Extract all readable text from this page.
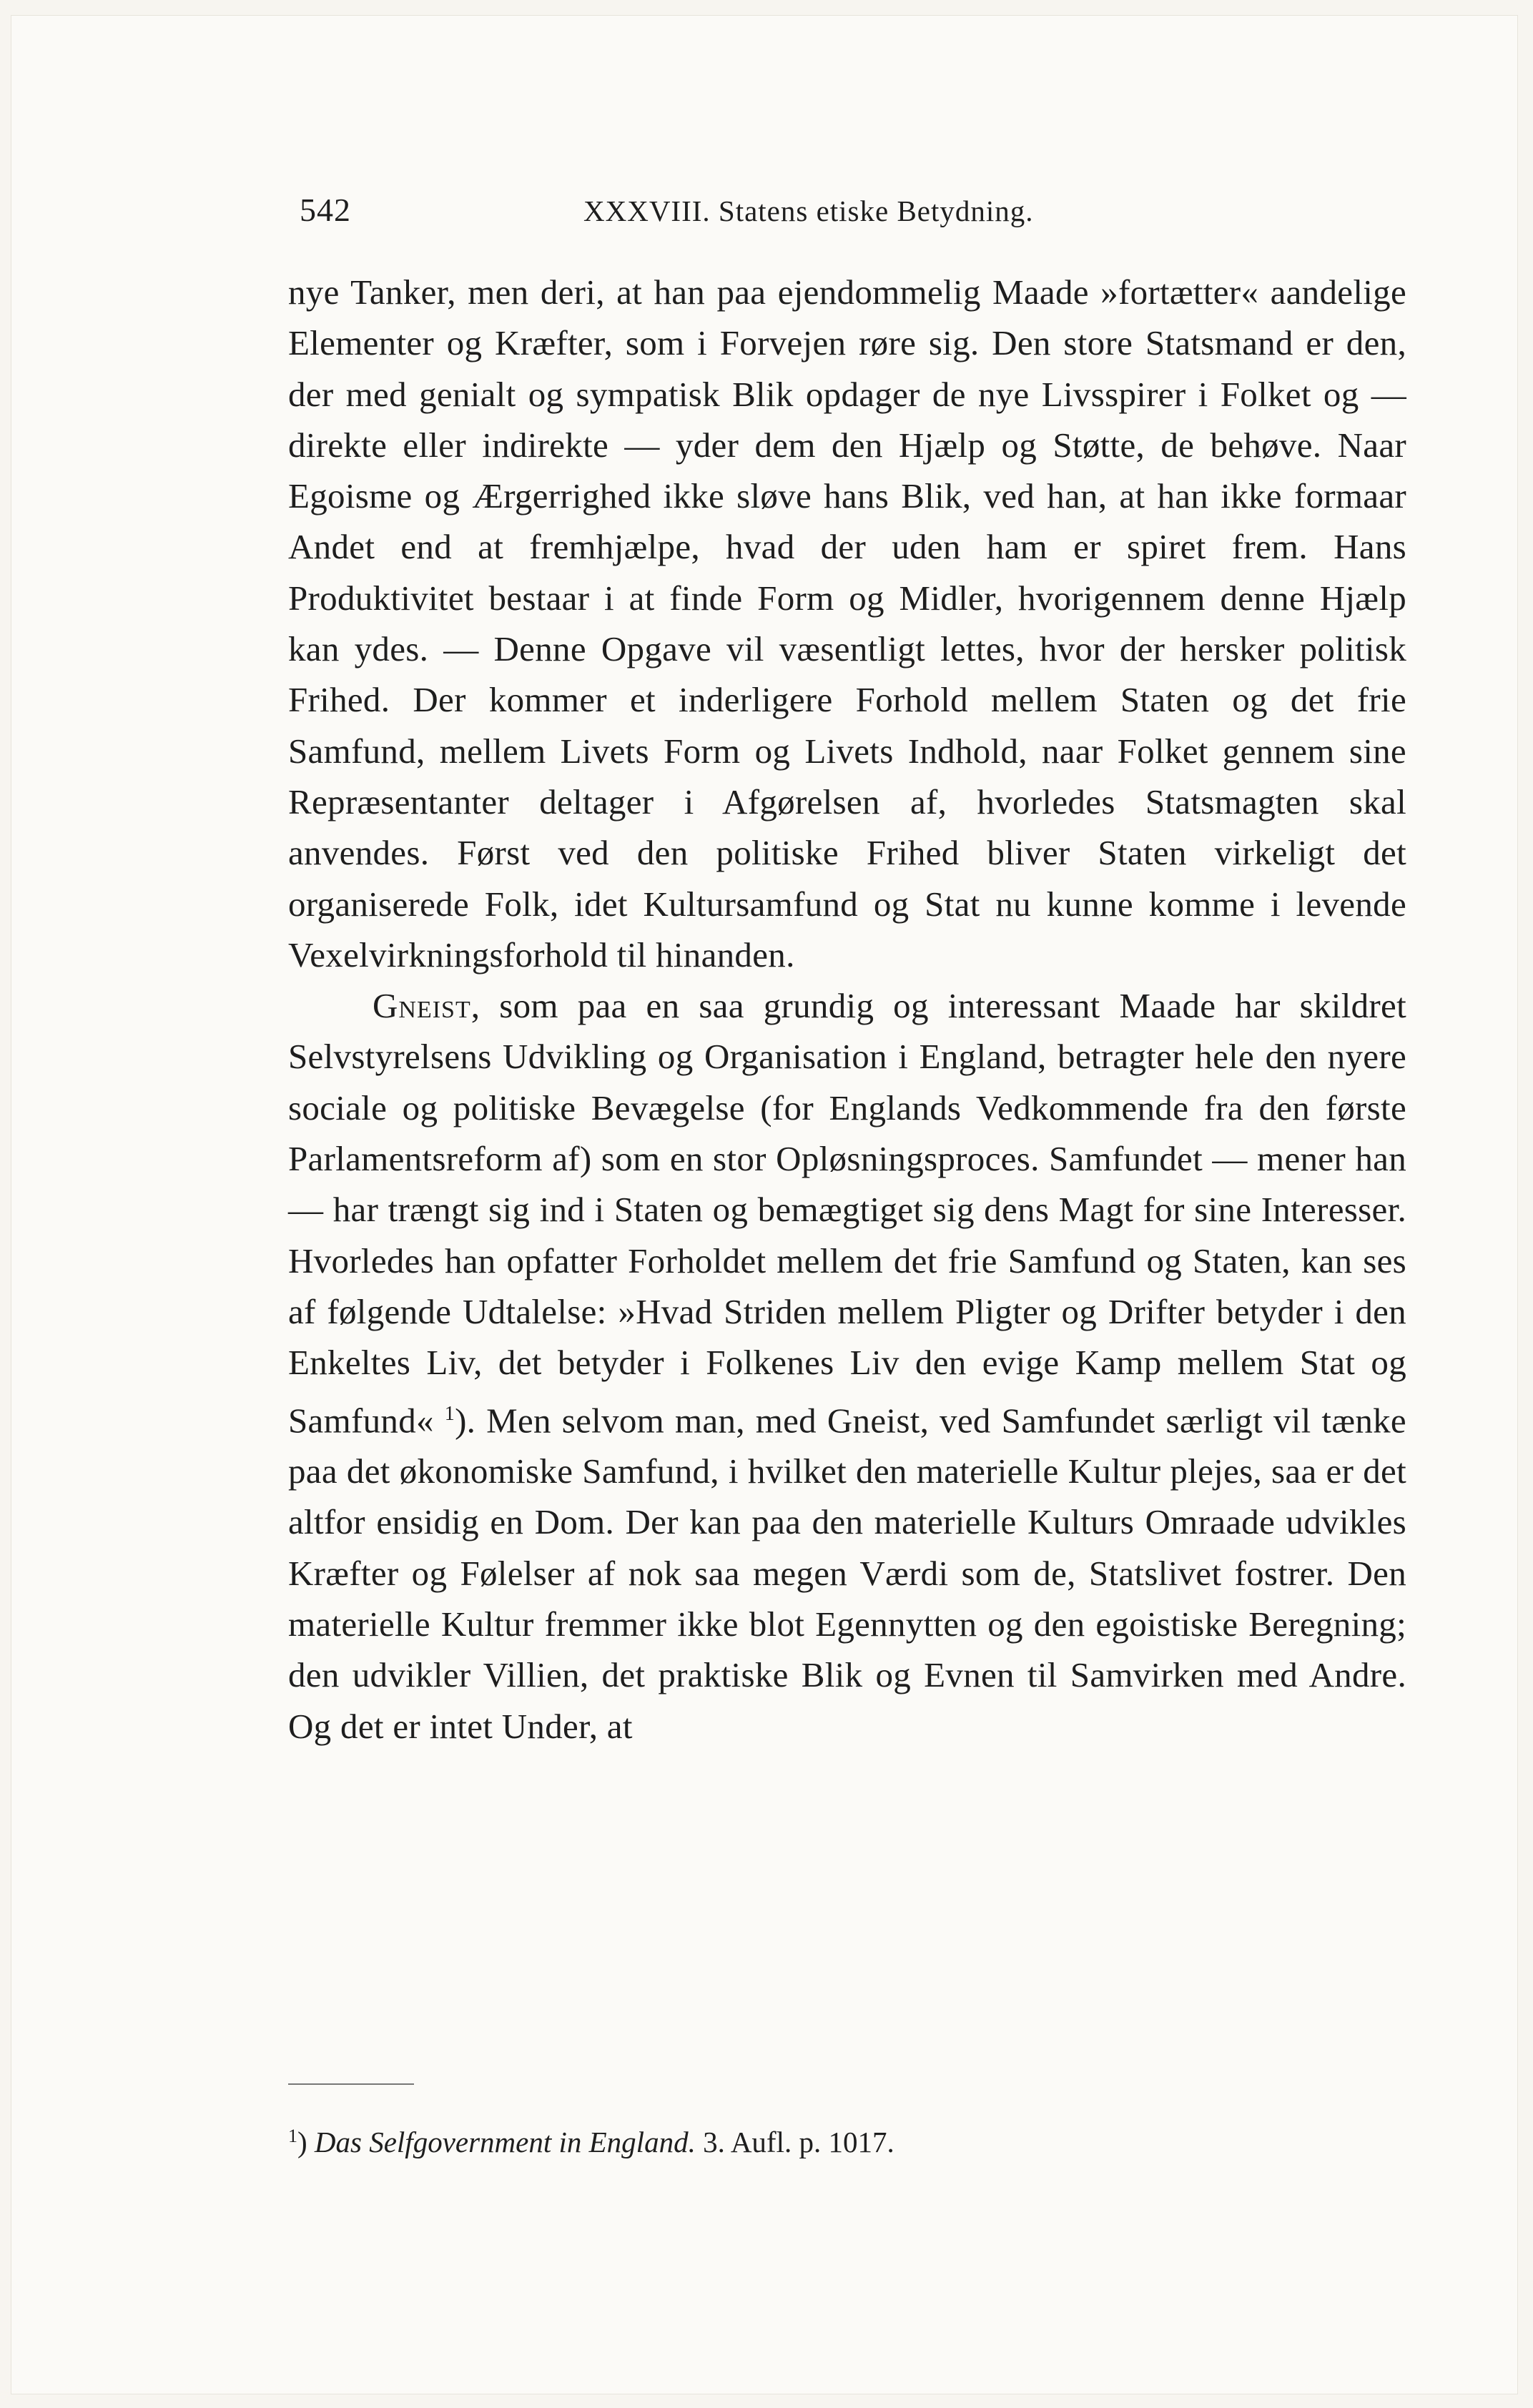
542	XXXVIII. Statens etiske Betydning.

nye Tanker, men deri, at han paa ejendommelig Maade »fortætter« aandelige Elementer og Kræfter, som i Forvejen røre sig. Den store Statsmand er den, der med genialt og sympatisk Blik opdager de nye Livsspirer i Folket og — direkte eller indirekte — yder dem den Hjælp og Støtte, de behøve. Naar Egoisme og Ærgerrighed ikke sløve hans Blik, ved han, at han ikke formaar Andet end at fremhjælpe, hvad der uden ham er spiret frem. Hans Produktivitet bestaar i at finde Form og Midler, hvorigennem denne Hjælp kan ydes. — Denne Opgave vil væsentligt lettes, hvor der hersker politisk Frihed. Der kommer et inderligere Forhold mellem Staten og det frie Samfund, mellem Livets Form og Livets Indhold, naar Folket gennem sine Repræsentanter deltager i Afgørelsen af, hvorledes Statsmagten skal anvendes. Først ved den politiske Frihed bliver Staten virkeligt det organiserede Folk, idet Kultursamfund og Stat nu kunne komme i levende Vexelvirkningsforhold til hinanden.

Gneist, som paa en saa grundig og interessant Maade har skildret Selvstyrelsens Udvikling og Organisation i England, betragter hele den nyere sociale og politiske Bevægelse (for Englands Vedkommende fra den første Parlamentsreform af) som en stor Opløsningsproces. Samfundet — mener han — har trængt sig ind i Staten og bemægtiget sig dens Magt for sine Interesser. Hvorledes han opfatter Forholdet mellem det frie Samfund og Staten, kan ses af følgende Udtalelse: »Hvad Striden mellem Pligter og Drifter betyder i den Enkeltes Liv, det betyder i Folkenes Liv den evige Kamp mellem Stat og Samfund« $^1$). Men selvom man, med Gneist, ved Samfundet særligt vil tænke paa det økonomiske Samfund, i hvilket den materielle Kultur plejes, saa er det altfor ensidig en Dom. Der kan paa den materielle Kulturs Omraade udvikles Kræfter og Følelser af nok saa megen Værdi som de, Statslivet fostrer. Den materielle Kultur fremmer ikke blot Egennytten og den egoistiske Beregning; den udvikler Villien, det praktiske Blik og Evnen til Samvirken med Andre. Og det er intet Under, at

$^1$) Das Selfgovernment in England. 3. Aufl. p. 1017.
